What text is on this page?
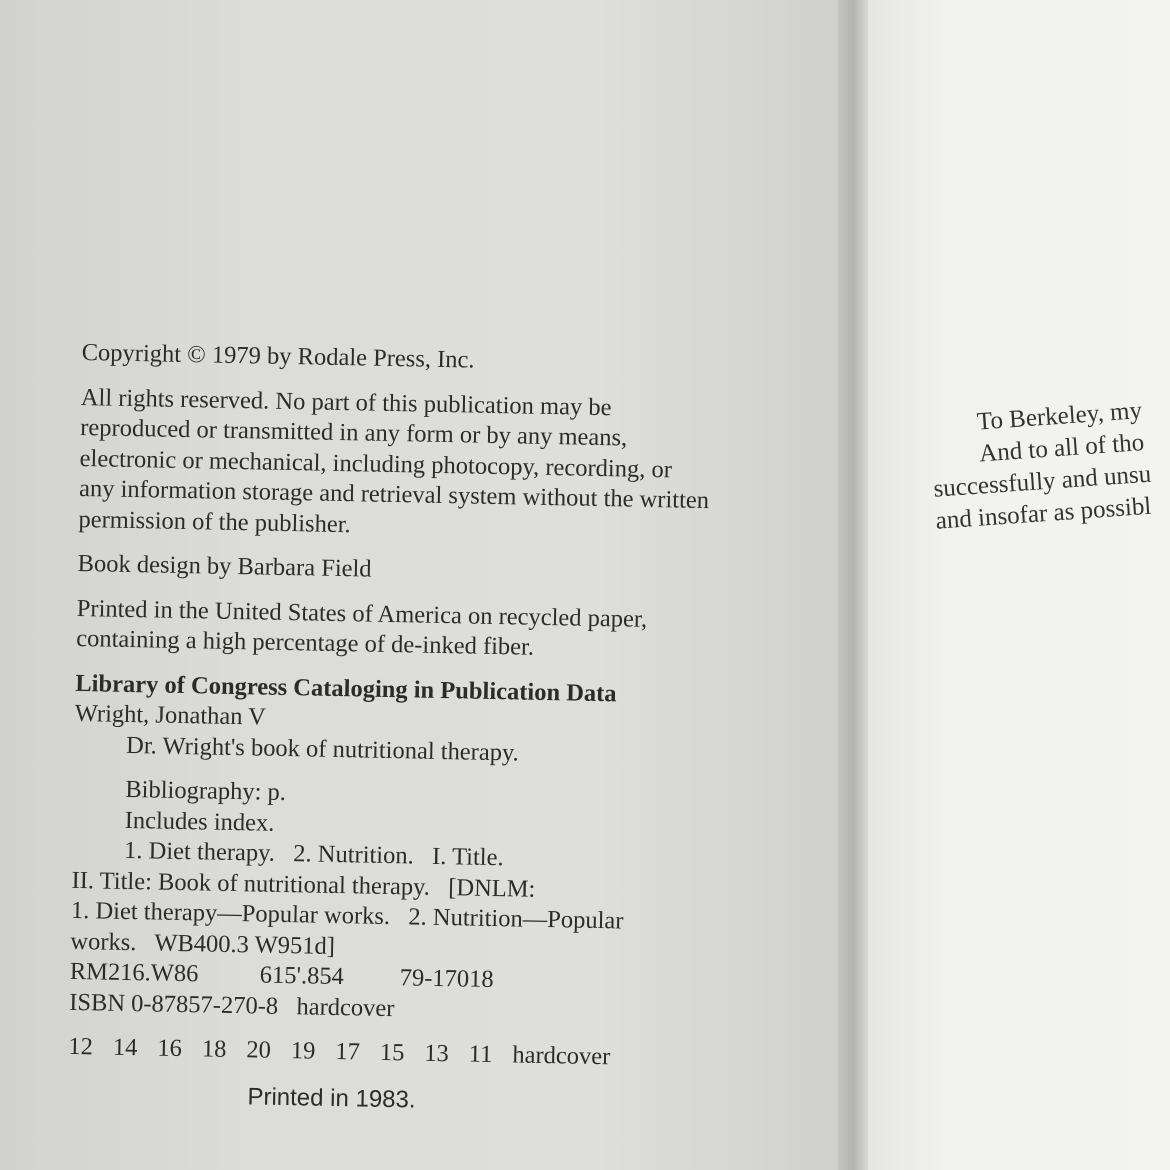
Copyright © 1979 by Rodale Press, Inc.

All rights reserved. No part of this publication may be

reproduced or transmitted in any form or by any means,

electronic or mechanical, including photocopy, recording, or

any information storage and retrieval system without the written

permission of the publisher.

Book design by Barbara Field

Printed in the United States of America on recycled paper,

containing a high percentage of de-inked fiber.

Library of Congress Cataloging in Publication Data

Wright, Jonathan V

Dr. Wright's book of nutritional therapy.

Bibliography: p.

Includes index.

1. Diet therapy.   2. Nutrition.   I. Title.

II. Title: Book of nutritional therapy.   [DNLM:

1. Diet therapy—Popular works.   2. Nutrition—Popular

works.   WB400.3 W951d]

RM216.W86 615'.854 79-17018

ISBN 0-87857-270-8   hardcover

12 14 16 18 20 19 17 15 13 11 hardcover

Printed in 1983.

To Berkeley, my

And to all of tho

successfully and unsu

and insofar as possibl
